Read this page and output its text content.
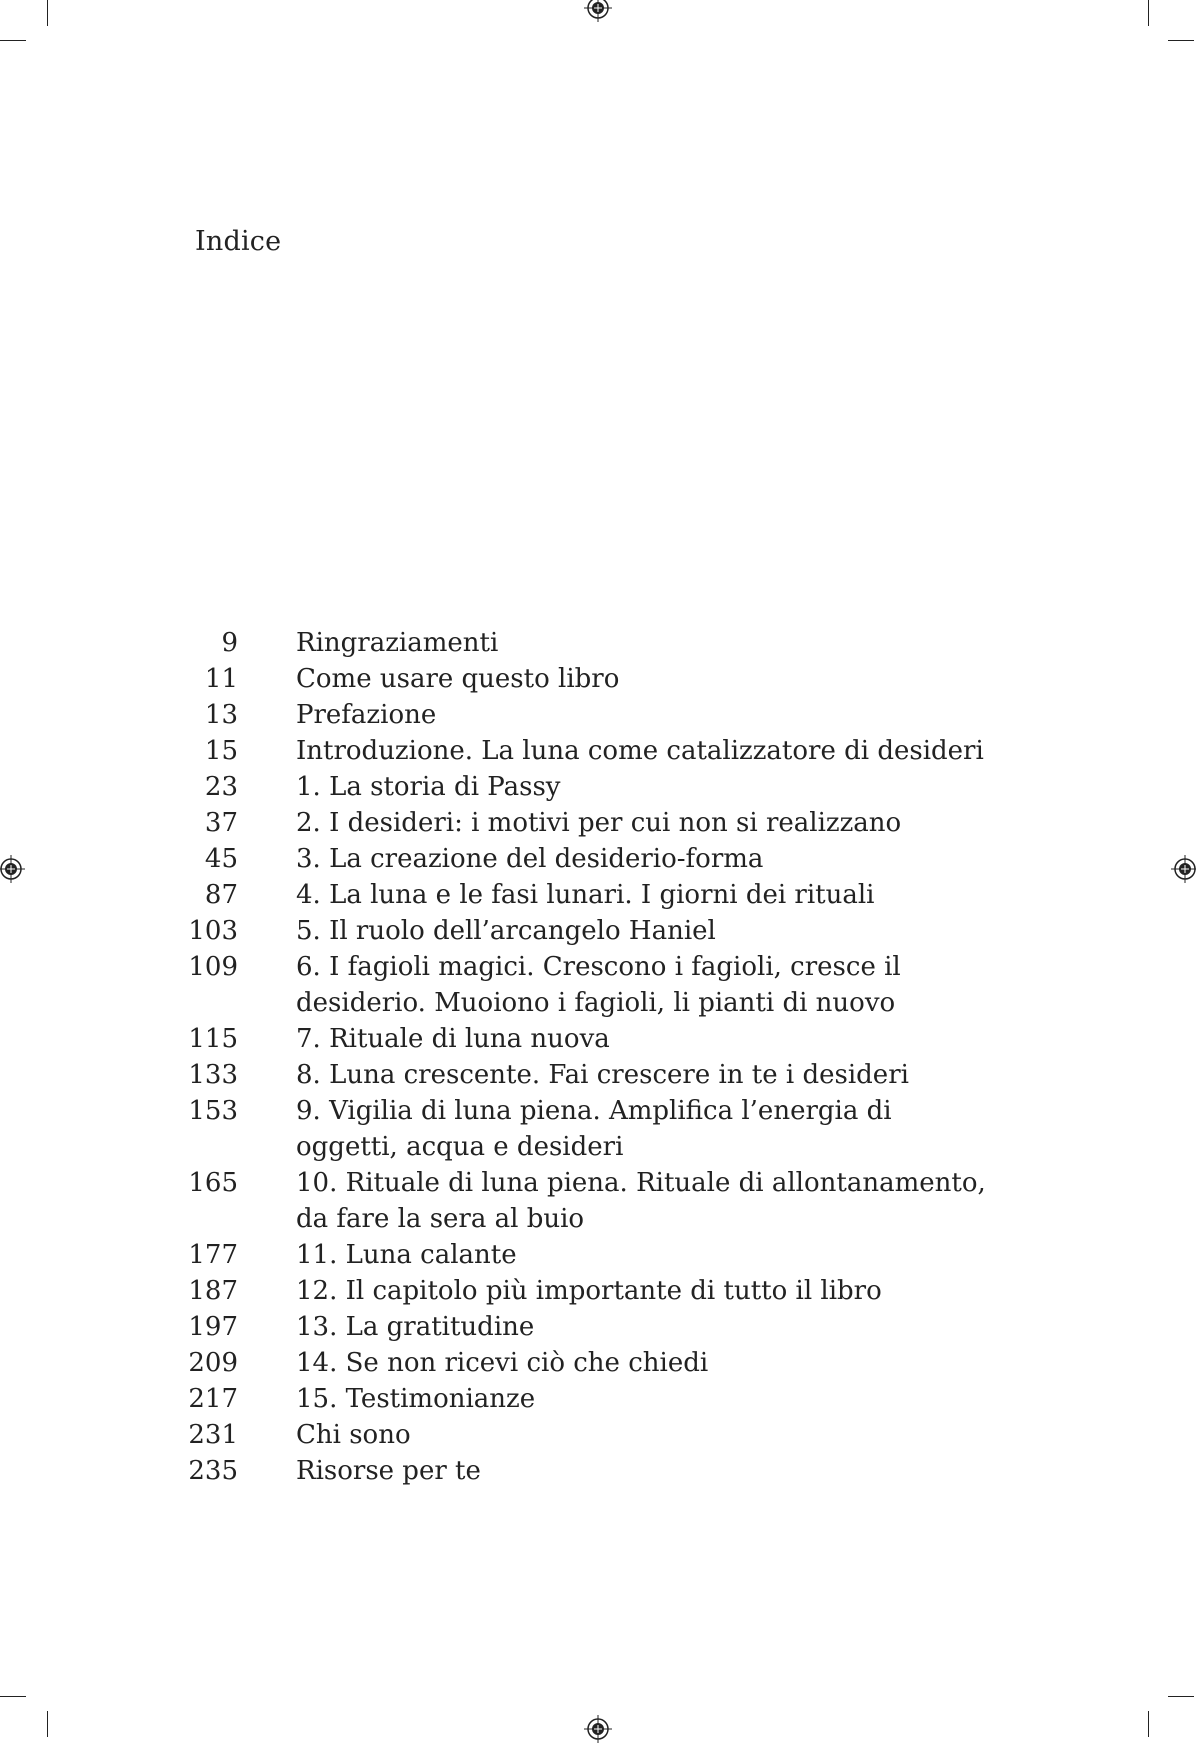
Indice
9 Ringraziamenti
11 Come usare questo libro
13 Prefazione
15 Introduzione. La luna come catalizzatore di desideri
23 1. La storia di Passy
37 2. I desideri: i motivi per cui non si realizzano
45 3. La creazione del desiderio-forma
87 4. La luna e le fasi lunari. I giorni dei rituali
103 5. Il ruolo dell’arcangelo Haniel
109 6. I fagioli magici. Crescono i fagioli, cresce il desiderio. Muoiono i fagioli, li pianti di nuovo
115 7. Rituale di luna nuova
133 8. Luna crescente. Fai crescere in te i desideri
153 9. Vigilia di luna piena. Amplifica l’energia di oggetti, acqua e desideri
165 10. Rituale di luna piena. Rituale di allontanamento, da fare la sera al buio
177 11. Luna calante
187 12. Il capitolo più importante di tutto il libro
197 13. La gratitudine
209 14. Se non ricevi ciò che chiedi
217 15. Testimonianze
231 Chi sono
235 Risorse per te
